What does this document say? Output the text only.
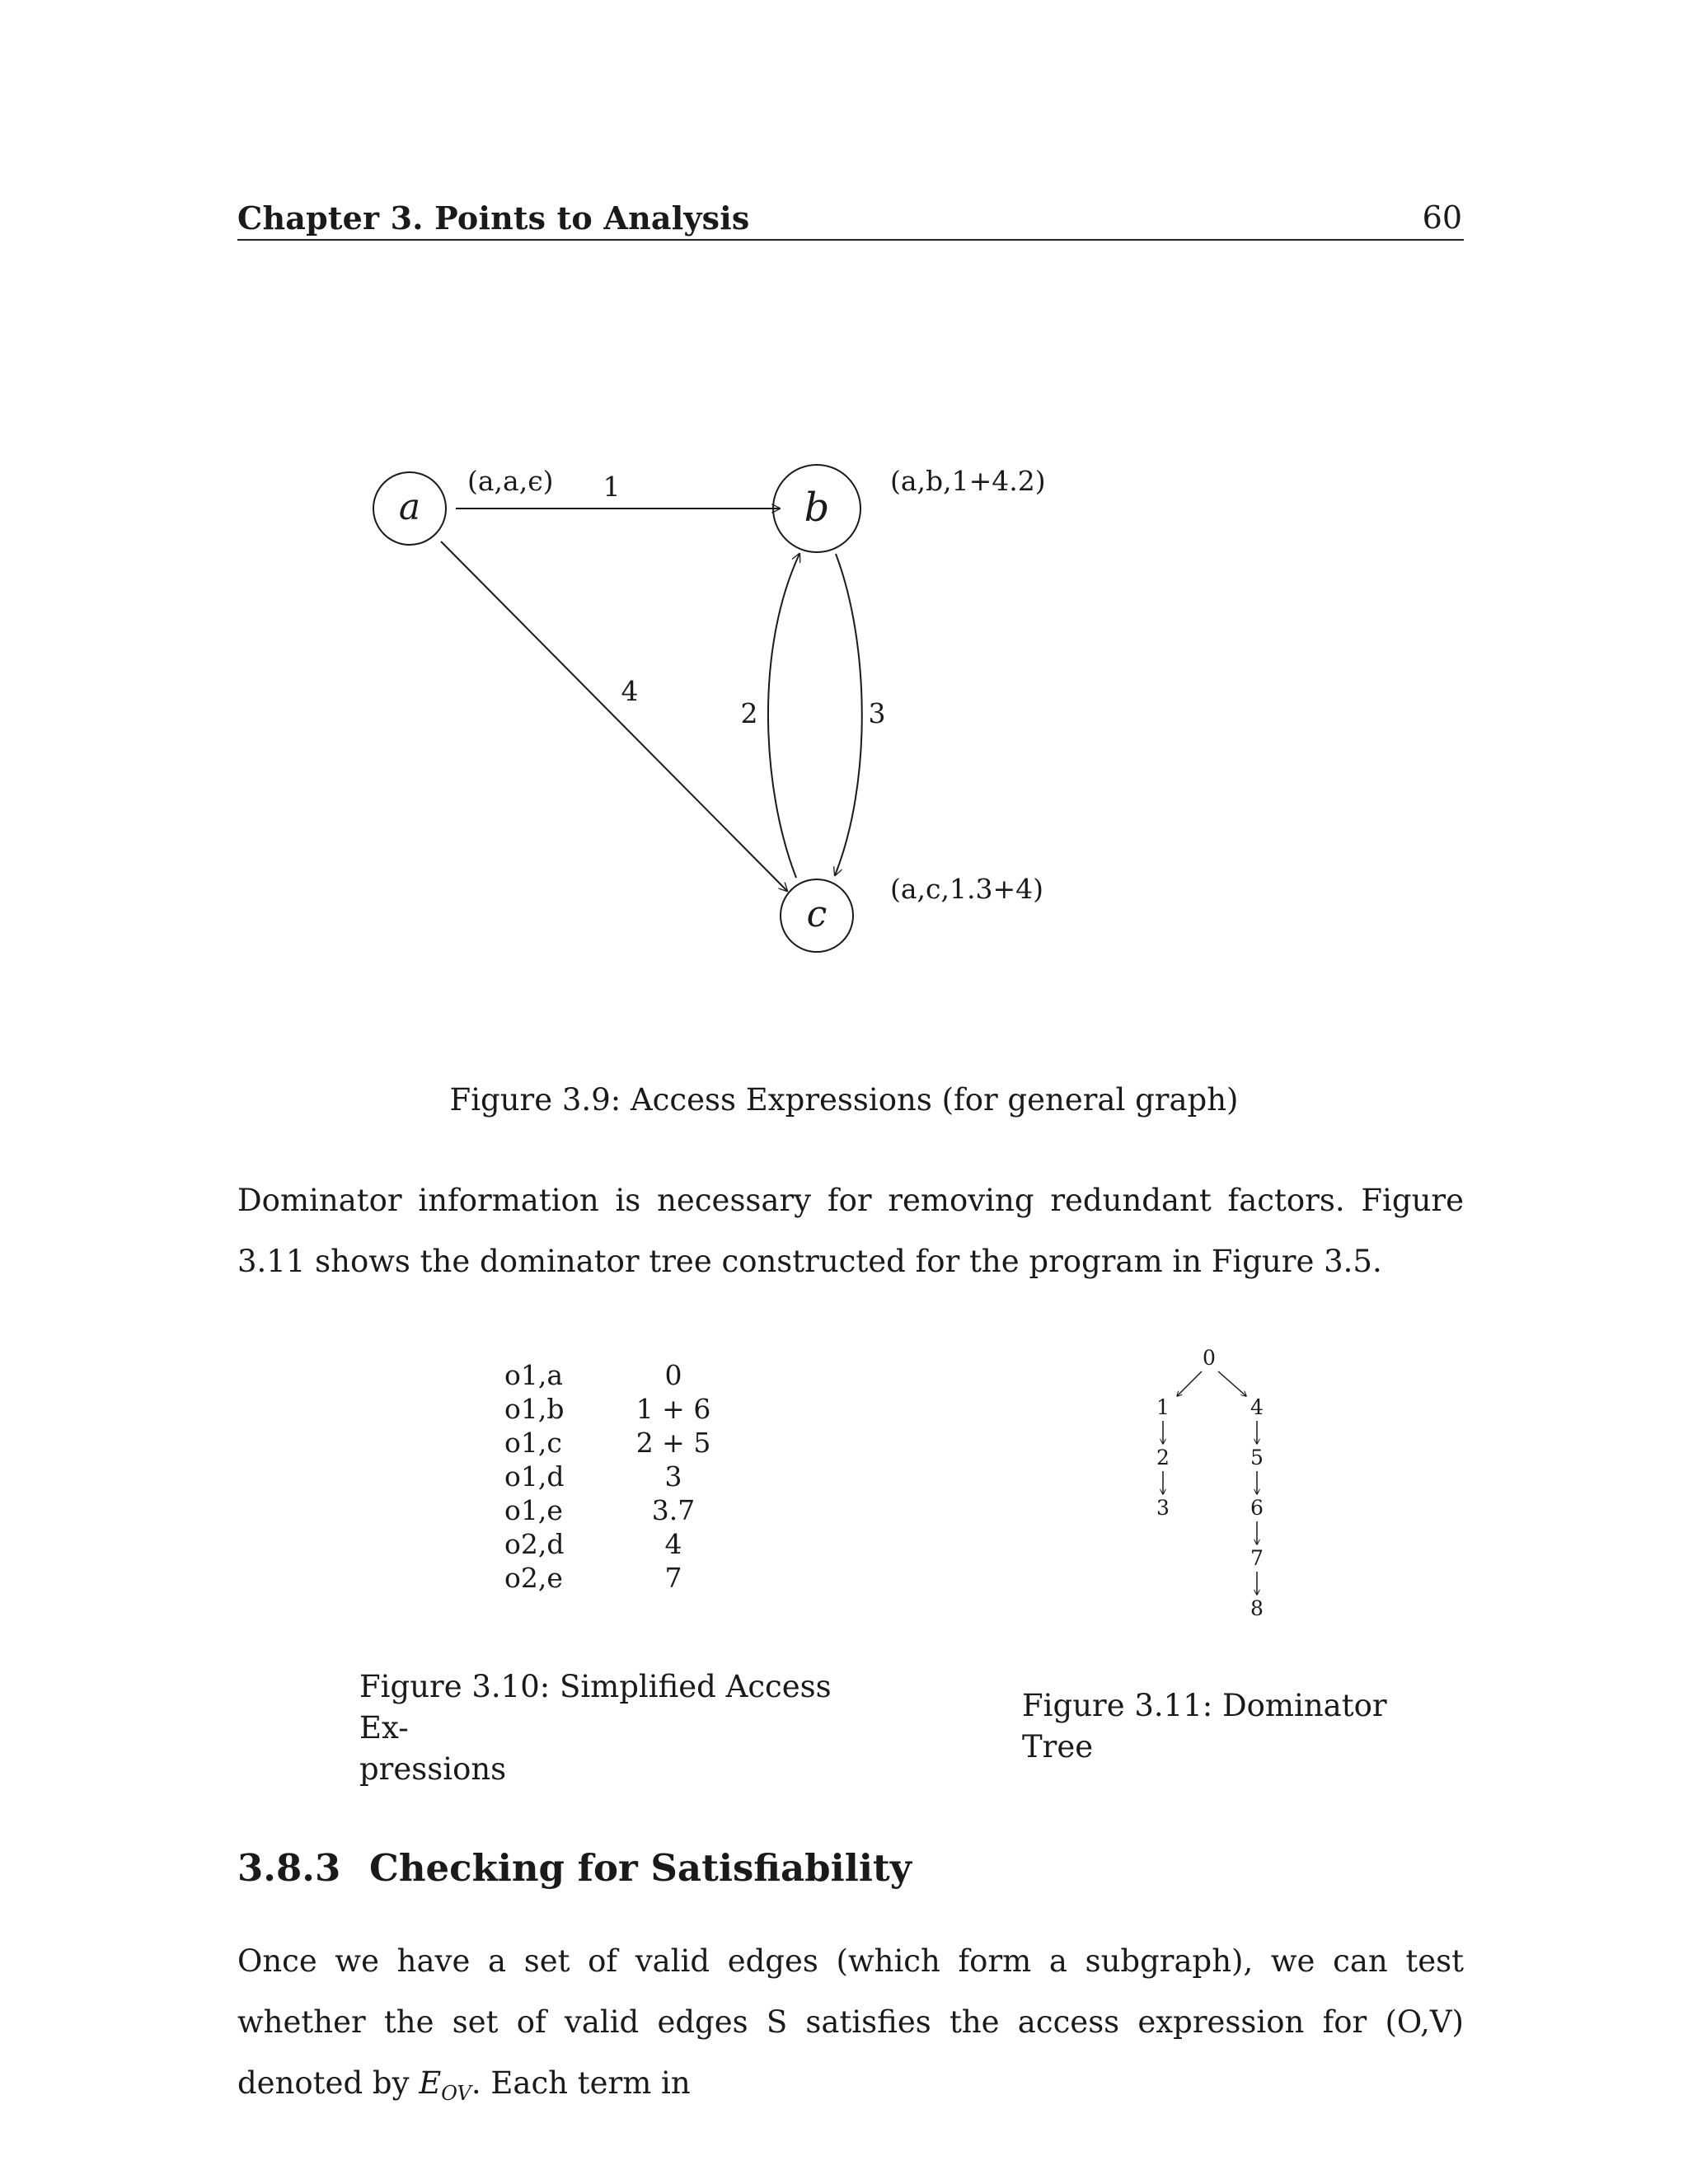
Chapter 3. Points to Analysis	60
a	b
c
1
2	3
4
(a,a,ϵ)	(a,b,1+4.2)
(a,c,1.3+4)
0
1
2
3
4
5
6
7
8
Figure 3.9: Access Expressions (for general graph)
Dominator information is necessary for removing redundant factors. Figure 3.11 shows the dominator tree constructed for the program in Figure 3.5.
o1,a	0
o1,b	1 + 6
o1,c	2 + 5
o1,d	3
o1,e	3.7
o2,d	4
o2,e	7
Figure 3.10: Simplified Access Ex-
pressions
Figure 3.11: Dominator Tree
3.8.3 Checking for Satisfiability
Once we have a set of valid edges (which form a subgraph), we can test whether the set of valid edges S satisfies the access expression for (O,V) denoted by $E_{OV}$. Each term in
